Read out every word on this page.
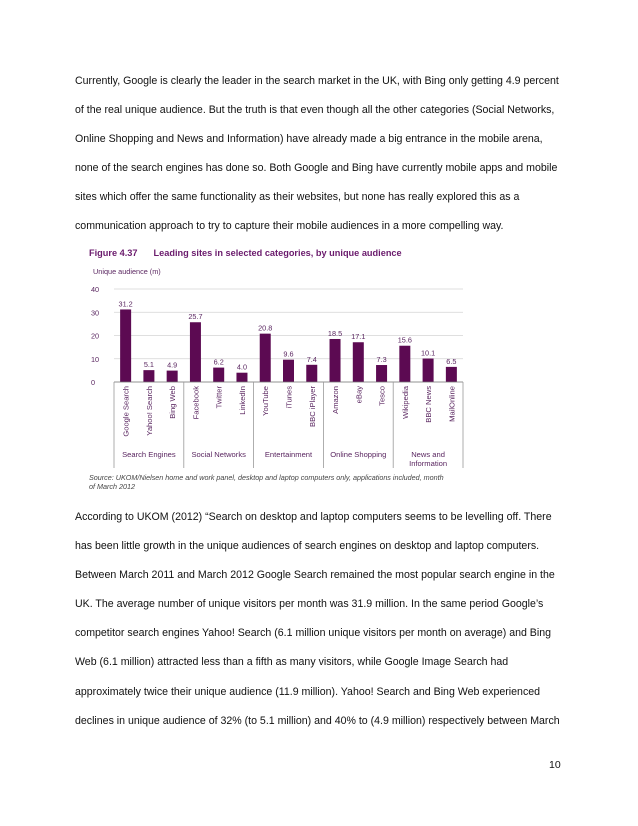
Currently, Google is clearly the leader in the search market in the UK, with Bing only getting 4.9 percent
of the real unique audience. But the truth is that even though all the other categories (Social Networks,
Online Shopping and News and Information) have already made a big entrance in the mobile arena,
none of the search engines has done so. Both Google and Bing have currently mobile apps and mobile
sites which offer the same functionality as their websites, but none has really explored this as a
communication approach to try to capture their mobile audiences in a more compelling way.
0
10
20
30
40
31.2
Google Search
5.1
Yahoo! Search
4.9
Bing Web
25.7
Facebook
6.2
Twitter
4.0
LinkedIn
20.8
YouTube
9.6
iTunes
7.4
BBC iPlayer
18.5
Amazon
17.1
eBay
7.3
Tesco
15.6
Wikipedia
10.1
BBC News
6.5
MailOnline
Search Engines Social Networks Entertainment Online Shopping	News and
Information

Figure 4.37 Leading sites in selected categories, by unique audience

Unique audience (m)
Source: UKOM/Nielsen home and work panel, desktop and laptop computers only, applications included, month of March 2012
According to UKOM (2012) “Search on desktop and laptop computers seems to be levelling off. There
has been little growth in the unique audiences of search engines on desktop and laptop computers.
Between March 2011 and March 2012 Google Search remained the most popular search engine in the
UK. The average number of unique visitors per month was 31.9 million. In the same period Google’s
competitor search engines Yahoo! Search (6.1 million unique visitors per month on average) and Bing
Web (6.1 million) attracted less than a fifth as many visitors, while Google Image Search had
approximately twice their unique audience (11.9 million). Yahoo! Search and Bing Web experienced
declines in unique audience of 32% (to 5.1 million) and 40% to (4.9 million) respectively between March
10
